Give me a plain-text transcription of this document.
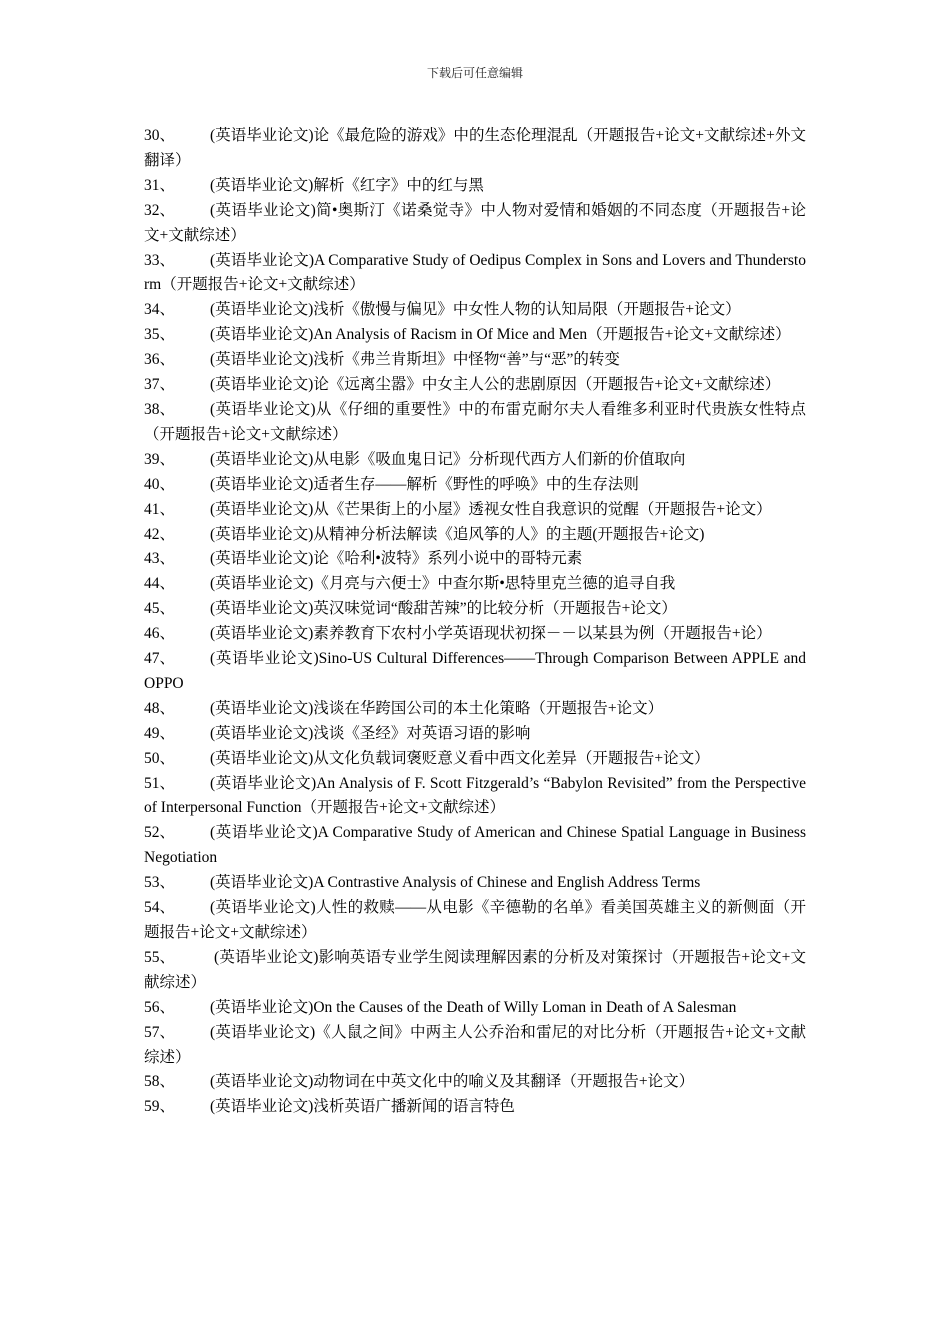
下载后可任意编辑
30、 (英语毕业论文)论《最危险的游戏》中的生态伦理混乱（开题报告+论文+文献综述+外文翻译）
31、 (英语毕业论文)解析《红字》中的红与黑
32、 (英语毕业论文)简•奥斯汀《诺桑觉寺》中人物对爱情和婚姻的不同态度（开题报告+论文+文献综述）
33、 (英语毕业论文)A Comparative Study of Oedipus Complex in Sons and Lovers and Thunderstorm（开题报告+论文+文献综述）
34、 (英语毕业论文)浅析《傲慢与偏见》中女性人物的认知局限（开题报告+论文）
35、 (英语毕业论文)An Analysis of Racism in Of Mice and Men（开题报告+论文+文献综述）
36、 (英语毕业论文)浅析《弗兰肯斯坦》中怪物“善”与“恶”的转变
37、 (英语毕业论文)论《远离尘嚣》中女主人公的悲剧原因（开题报告+论文+文献综述）
38、 (英语毕业论文)从《仔细的重要性》中的布雷克耐尔夫人看维多利亚时代贵族女性特点（开题报告+论文+文献综述）
39、 (英语毕业论文)从电影《吸血鬼日记》分析现代西方人们新的价值取向
40、 (英语毕业论文)适者生存——解析《野性的呼唤》中的生存法则
41、 (英语毕业论文)从《芒果街上的小屋》透视女性自我意识的觉醒（开题报告+论文）
42、 (英语毕业论文)从精神分析法解读《追风筝的人》的主题(开题报告+论文)
43、 (英语毕业论文)论《哈利•波特》系列小说中的哥特元素
44、 (英语毕业论文)《月亮与六便士》中查尔斯•思特里克兰德的追寻自我
45、 (英语毕业论文)英汉味觉词“酸甜苦辣”的比较分析（开题报告+论文）
46、 (英语毕业论文)素养教育下农村小学英语现状初探－－以某县为例（开题报告+论）
47、 (英语毕业论文)Sino-US Cultural Differences——Through Comparison Between APPLE and OPPO
48、 (英语毕业论文)浅谈在华跨国公司的本土化策略（开题报告+论文）
49、 (英语毕业论文)浅谈《圣经》对英语习语的影响
50、 (英语毕业论文)从文化负载词褒贬意义看中西文化差异（开题报告+论文）
51、 (英语毕业论文)An Analysis of F. Scott Fitzgerald’s “Babylon Revisited” from the Perspective of Interpersonal Function（开题报告+论文+文献综述）
52、 (英语毕业论文)A Comparative Study of American and Chinese Spatial Language in Business Negotiation
53、 (英语毕业论文)A Contrastive Analysis of Chinese and English Address Terms
54、 (英语毕业论文)人性的救赎——从电影《辛德勒的名单》看美国英雄主义的新侧面（开题报告+论文+文献综述）
55、 (英语毕业论文)影响英语专业学生阅读理解因素的分析及对策探讨（开题报告+论文+文献综述）
56、 (英语毕业论文)On the Causes of the Death of Willy Loman in Death of A Salesman
57、 (英语毕业论文)《人鼠之间》中两主人公乔治和雷尼的对比分析（开题报告+论文+文献综述）
58、 (英语毕业论文)动物词在中英文化中的喻义及其翻译（开题报告+论文）
59、 (英语毕业论文)浅析英语广播新闻的语言特色
